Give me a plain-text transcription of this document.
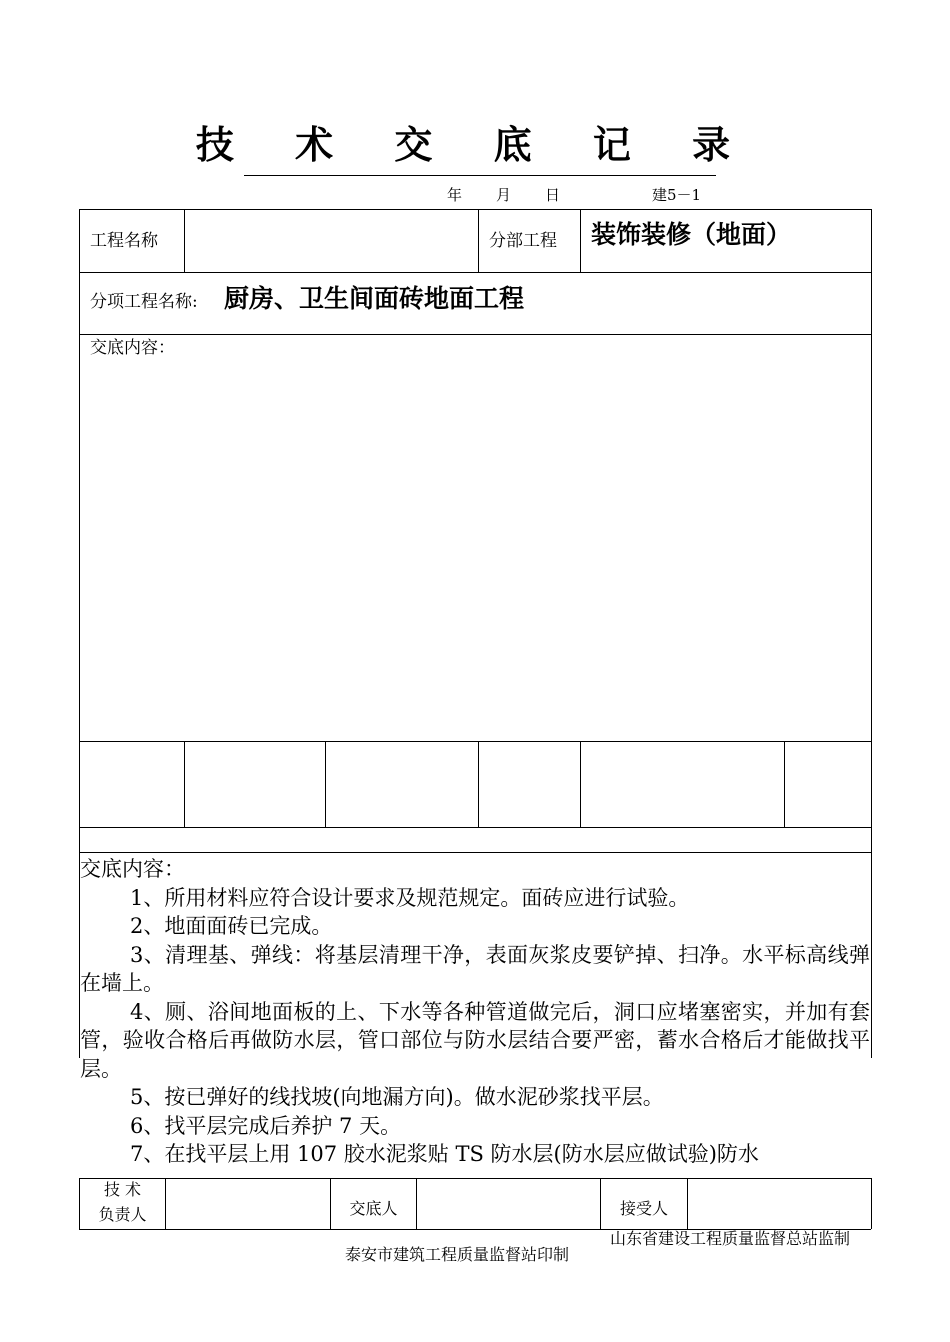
技 术 交 底 记 录
年 月 日	建5－1
工程名称	分部工程 装饰装修（地面）
分项工程名称: 厨房、卫生间面砖地面工程
交底内容：

交底内容：

1、所用材料应符合设计要求及规范规定。面砖应进行试验。

2、地面面砖已完成。

3、清理基、弹线：将基层清理干净，表面灰浆皮要铲掉、扫净。水平标高线弹在墙上。

4、厕、浴间地面板的上、下水等各种管道做完后，洞口应堵塞密实，并加有套管，验收合格后再做防水层，管口部位与防水层结合要严密，蓄水合格后才能做找平层。

5、按已弹好的线找坡(向地漏方向)。做水泥砂浆找平层。

6、找平层完成后养护 7 天。

7、在找平层上用 107 胶水泥浆贴 TS 防水层(防水层应做试验)防水

技 术
负责人	交底人	接受人
山东省建设工程质量监督总站监制
泰安市建筑工程质量监督站印制
